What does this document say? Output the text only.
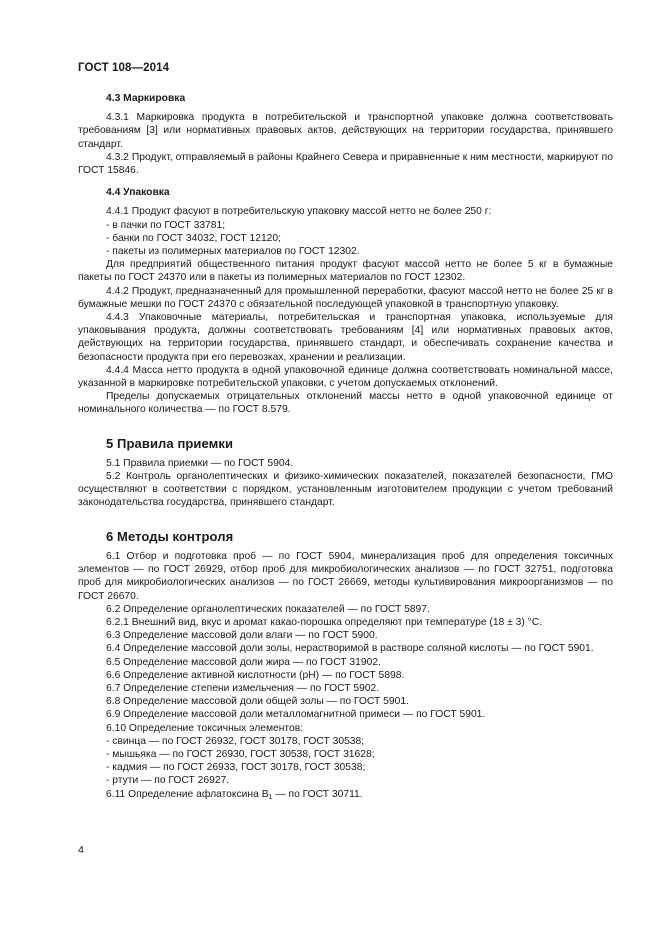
ГОСТ 108—2014
4.3 Маркировка

4.3.1 Маркировка продукта в потребительской и транспортной упаковке должна соответствовать требованиям [3] или нормативных правовых актов, действующих на территории государства, принявшего стандарт.

4.3.2 Продукт, отправляемый в районы Крайнего Севера и приравненные к ним местности, маркируют по ГОСТ 15846.

4.4 Упаковка

4.4.1 Продукт фасуют в потребительскую упаковку массой нетто не более 250 г:

- в пачки по ГОСТ 33781;

- банки по ГОСТ 34032, ГОСТ 12120;

- пакеты из полимерных материалов по ГОСТ 12302.

Для предприятий общественного питания продукт фасуют массой нетто не более 5 кг в бумажные пакеты по ГОСТ 24370 или в пакеты из полимерных материалов по ГОСТ 12302.

4.4.2 Продукт, предназначенный для промышленной переработки, фасуют массой нетто не более 25 кг в бумажные мешки по ГОСТ 24370 с обязательной последующей упаковкой в транспортную упаковку.

4.4.3 Упаковочные материалы, потребительская и транспортная упаковка, используемые для упаковывания продукта, должны соответствовать требованиям [4] или нормативных правовых актов, действующих на территории государства, принявшего стандарт, и обеспечивать сохранение качества и безопасности продукта при его перевозках, хранении и реализации.

4.4.4 Масса нетто продукта в одной упаковочной единице должна соответствовать номинальной массе, указанной в маркировке потребительской упаковки, с учетом допускаемых отклонений.

Пределы допускаемых отрицательных отклонений массы нетто в одной упаковочной единице от номинального количества — по ГОСТ 8.579.

5 Правила приемки

5.1 Правила приемки — по ГОСТ 5904.

5.2 Контроль органолептических и физико-химических показателей, показателей безопасности, ГМО осуществляют в соответствии с порядком, установленным изготовителем продукции с учетом требований законодательства государства, принявшего стандарт.

6 Методы контроля

6.1 Отбор и подготовка проб — по ГОСТ 5904, минерализация проб для определения токсичных элементов — по ГОСТ 26929, отбор проб для микробиологических анализов — по ГОСТ 32751, подготовка проб для микробиологических анализов — по ГОСТ 26669, методы культивирования микроорганизмов — по ГОСТ 26670.

6.2 Определение органолептических показателей — по ГОСТ 5897.

6.2.1 Внешний вид, вкус и аромат какао-порошка определяют при температуре (18 ± 3) °С.

6.3 Определение массовой доли влаги — по ГОСТ 5900.

6.4 Определение массовой доли золы, нерастворимой в растворе соляной кислоты — по ГОСТ 5901.

6.5 Определение массовой доли жира — по ГОСТ 31902.

6.6 Определение активной кислотности (pH) — по ГОСТ 5898.

6.7 Определение степени измельчения — по ГОСТ 5902.

6.8 Определение массовой доли общей золы — по ГОСТ 5901.

6.9 Определение массовой доли металломагнитной примеси — по ГОСТ 5901.

6.10 Определение токсичных элементов:

- свинца — по ГОСТ 26932, ГОСТ 30178, ГОСТ 30538;

- мышьяка — по ГОСТ 26930, ГОСТ 30538, ГОСТ 31628;

- кадмия — по ГОСТ 26933, ГОСТ 30178, ГОСТ 30538;

- ртути — по ГОСТ 26927.

6.11 Определение афлатоксина $B_1$ — по ГОСТ 30711.

4
